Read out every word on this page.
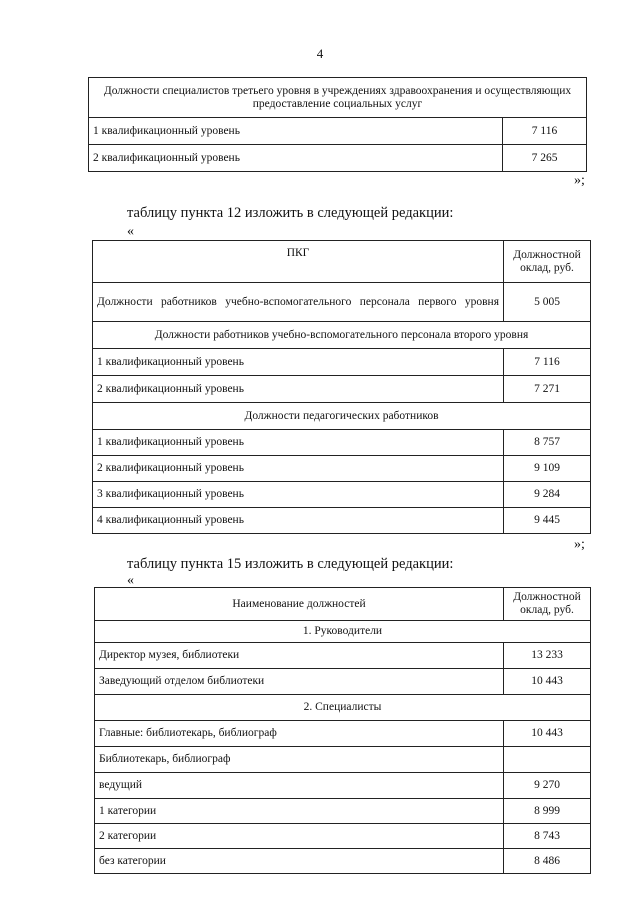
4
Должности специалистов третьего уровня в учреждениях здравоохранения и осуществляющих предоставление социальных услуг	
1 квалификационный уровень	7 116
2 квалификационный уровень	7 265
»;
таблицу пункта 12 изложить в следующей редакции:
«
ПКГ	Должностной оклад, руб.
Должности работников учебно-вспомогательного персонала первого уровня	5 005
Должности работников учебно-вспомогательного персонала второго уровня	
1 квалификационный уровень	7 116
2 квалификационный уровень	7 271
Должности педагогических работников	
1 квалификационный уровень	8 757
2 квалификационный уровень	9 109
3 квалификационный уровень	9 284
4 квалификационный уровень	9 445
»;
таблицу пункта 15 изложить в следующей редакции:
«
Наименование должностей	Должностной оклад, руб.
1. Руководители	
Директор музея, библиотеки	13 233
Заведующий отделом библиотеки	10 443
2. Специалисты	
Главные: библиотекарь, библиограф	10 443
Библиотекарь, библиограф	
ведущий	9 270
1 категории	8 999
2 категории	8 743
без категории	8 486
